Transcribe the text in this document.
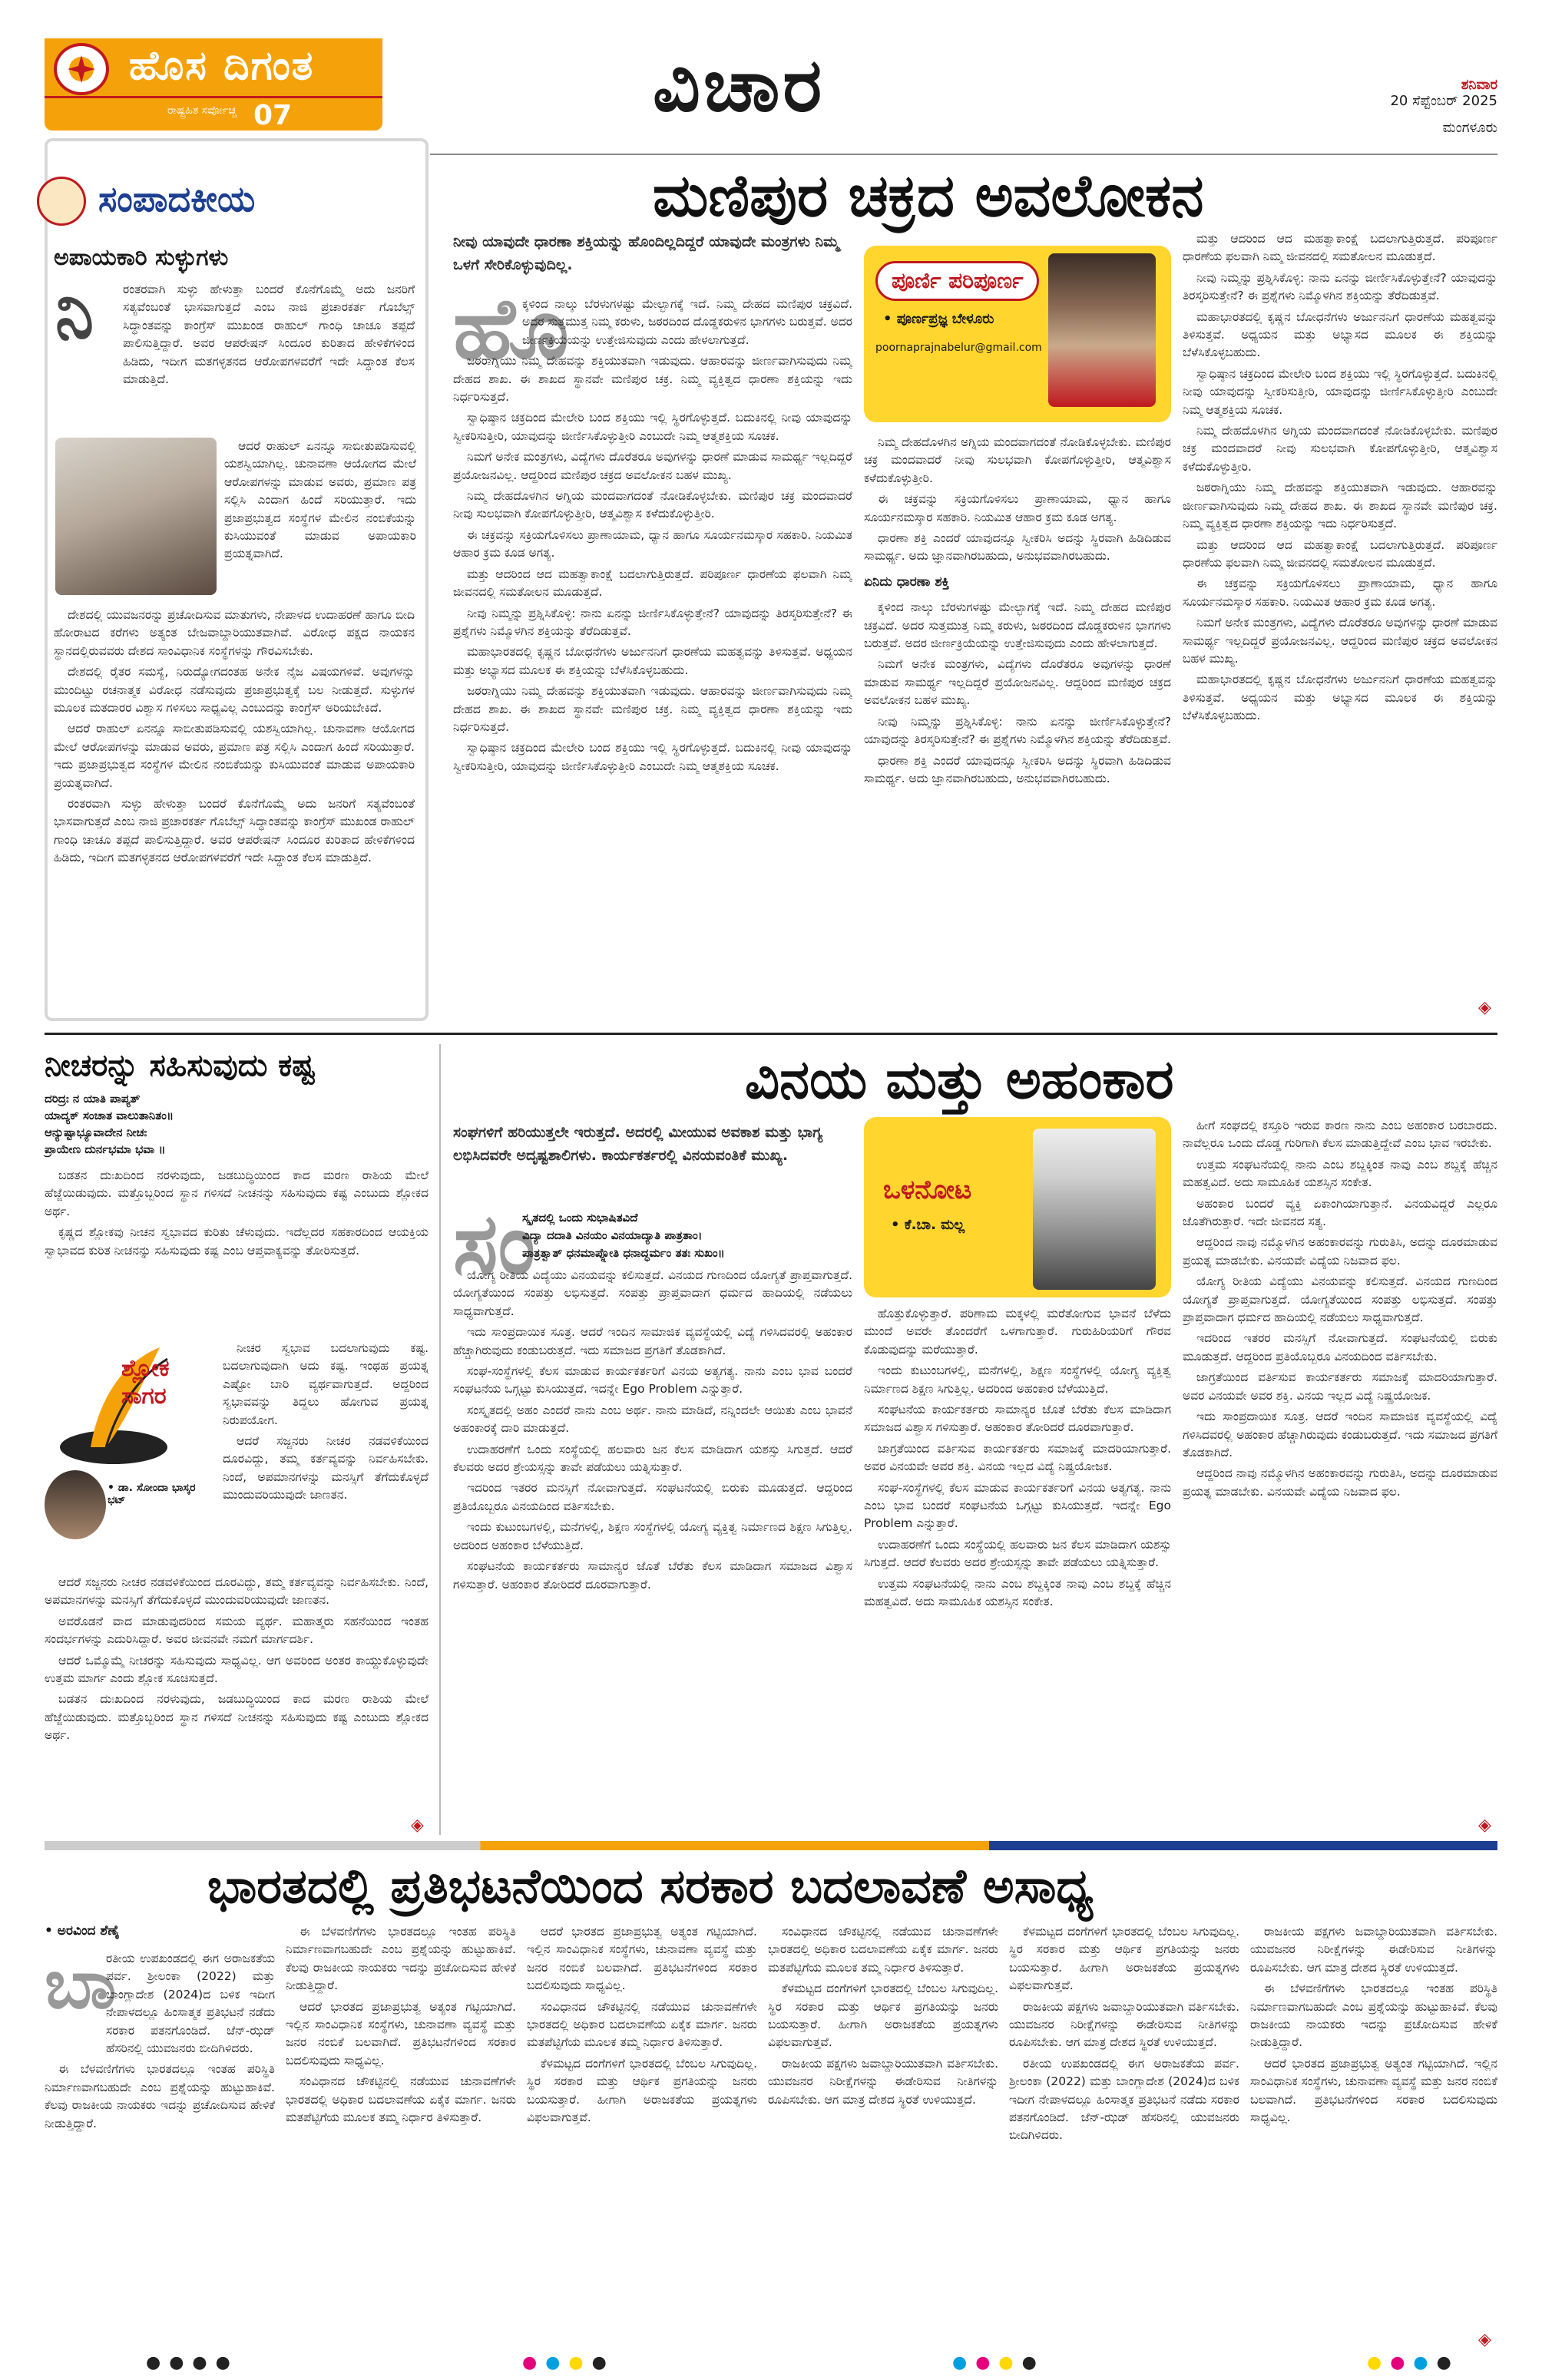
ಹೊಸ ದಿಗಂತ
ರಾಷ್ಟ್ರಹಿತ ಸರ್ವೋಚ್ಚ 07	ವಿಚಾರ	ಶನಿವಾರ
20 ಸೆಪ್ಟೆಂಬರ್ 2025
ಮಂಗಳೂರು
ಸಂಪಾದಕೀಯ
ಅಪಾಯಕಾರಿ ಸುಳ್ಳುಗಳು
ನಿ ರಂತರವಾಗಿ ಸುಳ್ಳು ಹೇಳುತ್ತಾ ಬಂದರೆ ಕೊನೆಗೊಮ್ಮೆ ಅದು ಜನರಿಗೆ ಸತ್ಯವೆಂಬಂತೆ ಭಾಸವಾಗುತ್ತದೆ ಎಂಬ ನಾಜಿ ಪ್ರಚಾರಕರ್ತ ಗೊಬೆಲ್ಸ್ ಸಿದ್ಧಾಂತವನ್ನು ಕಾಂಗ್ರೆಸ್ ಮುಖಂಡ ರಾಹುಲ್ ಗಾಂಧಿ ಚಾಚೂ ತಪ್ಪದೆ ಪಾಲಿಸುತ್ತಿದ್ದಾರೆ. ಅವರ ಆಪರೇಷನ್ ಸಿಂದೂರ ಕುರಿತಾದ ಹೇಳಿಕೆಗಳಿಂದ ಹಿಡಿದು, ಇದೀಗ ಮತಗಳ್ಳತನದ ಆರೋಪಗಳವರೆಗೆ ಇದೇ ಸಿದ್ಧಾಂತ ಕೆಲಸ ಮಾಡುತ್ತಿದೆ.

ಆದರೆ ರಾಹುಲ್ ಏನನ್ನೂ ಸಾಬೀತುಪಡಿಸುವಲ್ಲಿ ಯಶಸ್ವಿಯಾಗಿಲ್ಲ. ಚುನಾವಣಾ ಆಯೋಗದ ಮೇಲೆ ಆರೋಪಗಳನ್ನು ಮಾಡುವ ಅವರು, ಪ್ರಮಾಣ ಪತ್ರ ಸಲ್ಲಿಸಿ ಎಂದಾಗ ಹಿಂದೆ ಸರಿಯುತ್ತಾರೆ. ಇದು ಪ್ರಜಾಪ್ರಭುತ್ವದ ಸಂಸ್ಥೆಗಳ ಮೇಲಿನ ನಂಬಿಕೆಯನ್ನು ಕುಸಿಯುವಂತೆ ಮಾಡುವ ಅಪಾಯಕಾರಿ ಪ್ರಯತ್ನವಾಗಿದೆ.

ದೇಶದಲ್ಲಿ ಯುವಜನರನ್ನು ಪ್ರಚೋದಿಸುವ ಮಾತುಗಳು, ನೇಪಾಳದ ಉದಾಹರಣೆ ಹಾಗೂ ಬೀದಿ ಹೋರಾಟದ ಕರೆಗಳು ಅತ್ಯಂತ ಬೇಜವಾಬ್ದಾರಿಯುತವಾಗಿವೆ. ವಿರೋಧ ಪಕ್ಷದ ನಾಯಕನ ಸ್ಥಾನದಲ್ಲಿರುವವರು ದೇಶದ ಸಾಂವಿಧಾನಿಕ ಸಂಸ್ಥೆಗಳನ್ನು ಗೌರವಿಸಬೇಕು.

ದೇಶದಲ್ಲಿ ರೈತರ ಸಮಸ್ಯೆ, ನಿರುದ್ಯೋಗದಂತಹ ಅನೇಕ ನೈಜ ವಿಷಯಗಳಿವೆ. ಅವುಗಳನ್ನು ಮುಂದಿಟ್ಟು ರಚನಾತ್ಮಕ ವಿರೋಧ ನಡೆಸುವುದು ಪ್ರಜಾಪ್ರಭುತ್ವಕ್ಕೆ ಬಲ ನೀಡುತ್ತದೆ. ಸುಳ್ಳುಗಳ ಮೂಲಕ ಮತದಾರರ ವಿಶ್ವಾಸ ಗಳಿಸಲು ಸಾಧ್ಯವಿಲ್ಲ ಎಂಬುದನ್ನು ಕಾಂಗ್ರೆಸ್ ಅರಿಯಬೇಕಿದೆ.

ಆದರೆ ರಾಹುಲ್ ಏನನ್ನೂ ಸಾಬೀತುಪಡಿಸುವಲ್ಲಿ ಯಶಸ್ವಿಯಾಗಿಲ್ಲ. ಚುನಾವಣಾ ಆಯೋಗದ ಮೇಲೆ ಆರೋಪಗಳನ್ನು ಮಾಡುವ ಅವರು, ಪ್ರಮಾಣ ಪತ್ರ ಸಲ್ಲಿಸಿ ಎಂದಾಗ ಹಿಂದೆ ಸರಿಯುತ್ತಾರೆ. ಇದು ಪ್ರಜಾಪ್ರಭುತ್ವದ ಸಂಸ್ಥೆಗಳ ಮೇಲಿನ ನಂಬಿಕೆಯನ್ನು ಕುಸಿಯುವಂತೆ ಮಾಡುವ ಅಪಾಯಕಾರಿ ಪ್ರಯತ್ನವಾಗಿದೆ.

ರಂತರವಾಗಿ ಸುಳ್ಳು ಹೇಳುತ್ತಾ ಬಂದರೆ ಕೊನೆಗೊಮ್ಮೆ ಅದು ಜನರಿಗೆ ಸತ್ಯವೆಂಬಂತೆ ಭಾಸವಾಗುತ್ತದೆ ಎಂಬ ನಾಜಿ ಪ್ರಚಾರಕರ್ತ ಗೊಬೆಲ್ಸ್ ಸಿದ್ಧಾಂತವನ್ನು ಕಾಂಗ್ರೆಸ್ ಮುಖಂಡ ರಾಹುಲ್ ಗಾಂಧಿ ಚಾಚೂ ತಪ್ಪದೆ ಪಾಲಿಸುತ್ತಿದ್ದಾರೆ. ಅವರ ಆಪರೇಷನ್ ಸಿಂದೂರ ಕುರಿತಾದ ಹೇಳಿಕೆಗಳಿಂದ ಹಿಡಿದು, ಇದೀಗ ಮತಗಳ್ಳತನದ ಆರೋಪಗಳವರೆಗೆ ಇದೇ ಸಿದ್ಧಾಂತ ಕೆಲಸ ಮಾಡುತ್ತಿದೆ.

ಮಣಿಪುರ ಚಕ್ರದ ಅವಲೋಕನ
ನೀವು ಯಾವುದೇ ಧಾರಣಾ ಶಕ್ತಿಯನ್ನು ಹೊಂದಿಲ್ಲದಿದ್ದರೆ ಯಾವುದೇ ಮಂತ್ರಗಳು ನಿಮ್ಮ ಒಳಗೆ ಸೇರಿಕೊಳ್ಳುವುದಿಲ್ಲ.
ಹೊ

ಕ್ಕಳಿಂದ ನಾಲ್ಕು ಬೆರಳುಗಳಷ್ಟು ಮೇಲ್ಭಾಗಕ್ಕೆ ಇದೆ. ನಿಮ್ಮ ದೇಹದ ಮಣಿಪುರ ಚಕ್ರವಿದೆ. ಅದರ ಸುತ್ತಮುತ್ತ ನಿಮ್ಮ ಕರುಳು, ಜಠರದಿಂದ ದೊಡ್ಡಕರುಳಿನ ಭಾಗಗಳು ಬರುತ್ತವೆ. ಅದರ ಜೀರ್ಣಕ್ರಿಯೆಯನ್ನು ಉತ್ತೇಜಿಸುವುದು ಎಂದು ಹೇಳಲಾಗುತ್ತದೆ.

ಜಠರಾಗ್ನಿಯು ನಿಮ್ಮ ದೇಹವನ್ನು ಶಕ್ತಿಯುತವಾಗಿ ಇಡುವುದು. ಆಹಾರವನ್ನು ಜೀರ್ಣವಾಗಿಸುವುದು ನಿಮ್ಮ ದೇಹದ ಶಾಖ. ಈ ಶಾಖದ ಸ್ಥಾನವೇ ಮಣಿಪುರ ಚಕ್ರ. ನಿಮ್ಮ ವ್ಯಕ್ತಿತ್ವದ ಧಾರಣಾ ಶಕ್ತಿಯನ್ನು ಇದು ನಿರ್ಧರಿಸುತ್ತದೆ.

ಸ್ವಾಧಿಷ್ಠಾನ ಚಕ್ರದಿಂದ ಮೇಲೇರಿ ಬಂದ ಶಕ್ತಿಯು ಇಲ್ಲಿ ಸ್ಥಿರಗೊಳ್ಳುತ್ತದೆ. ಬದುಕಿನಲ್ಲಿ ನೀವು ಯಾವುದನ್ನು ಸ್ವೀಕರಿಸುತ್ತೀರಿ, ಯಾವುದನ್ನು ಜೀರ್ಣಿಸಿಕೊಳ್ಳುತ್ತೀರಿ ಎಂಬುದೇ ನಿಮ್ಮ ಆತ್ಮಶಕ್ತಿಯ ಸೂಚಕ.

ನಿಮಗೆ ಅನೇಕ ಮಂತ್ರಗಳು, ವಿದ್ಯೆಗಳು ದೊರೆತರೂ ಅವುಗಳನ್ನು ಧಾರಣೆ ಮಾಡುವ ಸಾಮರ್ಥ್ಯ ಇಲ್ಲದಿದ್ದರೆ ಪ್ರಯೋಜನವಿಲ್ಲ. ಆದ್ದರಿಂದ ಮಣಿಪುರ ಚಕ್ರದ ಅವಲೋಕನ ಬಹಳ ಮುಖ್ಯ.

ನಿಮ್ಮ ದೇಹದೊಳಗಿನ ಅಗ್ನಿಯ ಮಂದವಾಗದಂತೆ ನೋಡಿಕೊಳ್ಳಬೇಕು. ಮಣಿಪುರ ಚಕ್ರ ಮಂದವಾದರೆ ನೀವು ಸುಲಭವಾಗಿ ಕೋಪಗೊಳ್ಳುತ್ತೀರಿ, ಆತ್ಮವಿಶ್ವಾಸ ಕಳೆದುಕೊಳ್ಳುತ್ತೀರಿ.

ಈ ಚಕ್ರವನ್ನು ಸಕ್ರಿಯಗೊಳಿಸಲು ಪ್ರಾಣಾಯಾಮ, ಧ್ಯಾನ ಹಾಗೂ ಸೂರ್ಯನಮಸ್ಕಾರ ಸಹಕಾರಿ. ನಿಯಮಿತ ಆಹಾರ ಕ್ರಮ ಕೂಡ ಅಗತ್ಯ.

ಮತ್ತು ಆದರಿಂದ ಆದ ಮಹತ್ವಾಕಾಂಕ್ಷೆ ಬದಲಾಗುತ್ತಿರುತ್ತದೆ. ಪರಿಪೂರ್ಣ ಧಾರಣೆಯ ಫಲವಾಗಿ ನಿಮ್ಮ ಜೀವನದಲ್ಲಿ ಸಮತೋಲನ ಮೂಡುತ್ತದೆ.

ನೀವು ನಿಮ್ಮನ್ನು ಪ್ರಶ್ನಿಸಿಕೊಳ್ಳಿ: ನಾನು ಏನನ್ನು ಜೀರ್ಣಿಸಿಕೊಳ್ಳುತ್ತೇನೆ? ಯಾವುದನ್ನು ತಿರಸ್ಕರಿಸುತ್ತೇನೆ? ಈ ಪ್ರಶ್ನೆಗಳು ನಿಮ್ಮೊಳಗಿನ ಶಕ್ತಿಯನ್ನು ತೆರೆದಿಡುತ್ತವೆ.

ಮಹಾಭಾರತದಲ್ಲಿ ಕೃಷ್ಣನ ಬೋಧನೆಗಳು ಅರ್ಜುನನಿಗೆ ಧಾರಣೆಯ ಮಹತ್ವವನ್ನು ತಿಳಿಸುತ್ತವೆ. ಅಧ್ಯಯನ ಮತ್ತು ಅಭ್ಯಾಸದ ಮೂಲಕ ಈ ಶಕ್ತಿಯನ್ನು ಬೆಳೆಸಿಕೊಳ್ಳಬಹುದು.

ಜಠರಾಗ್ನಿಯು ನಿಮ್ಮ ದೇಹವನ್ನು ಶಕ್ತಿಯುತವಾಗಿ ಇಡುವುದು. ಆಹಾರವನ್ನು ಜೀರ್ಣವಾಗಿಸುವುದು ನಿಮ್ಮ ದೇಹದ ಶಾಖ. ಈ ಶಾಖದ ಸ್ಥಾನವೇ ಮಣಿಪುರ ಚಕ್ರ. ನಿಮ್ಮ ವ್ಯಕ್ತಿತ್ವದ ಧಾರಣಾ ಶಕ್ತಿಯನ್ನು ಇದು ನಿರ್ಧರಿಸುತ್ತದೆ.

ಸ್ವಾಧಿಷ್ಠಾನ ಚಕ್ರದಿಂದ ಮೇಲೇರಿ ಬಂದ ಶಕ್ತಿಯು ಇಲ್ಲಿ ಸ್ಥಿರಗೊಳ್ಳುತ್ತದೆ. ಬದುಕಿನಲ್ಲಿ ನೀವು ಯಾವುದನ್ನು ಸ್ವೀಕರಿಸುತ್ತೀರಿ, ಯಾವುದನ್ನು ಜೀರ್ಣಿಸಿಕೊಳ್ಳುತ್ತೀರಿ ಎಂಬುದೇ ನಿಮ್ಮ ಆತ್ಮಶಕ್ತಿಯ ಸೂಚಕ.

ಪೂರ್ಣಿ ಪರಿಪೂರ್ಣ
• ಪೂರ್ಣಪ್ರಜ್ಞ ಬೇಳೂರು
poornaprajnabelur@gmail.com

ನಿಮ್ಮ ದೇಹದೊಳಗಿನ ಅಗ್ನಿಯ ಮಂದವಾಗದಂತೆ ನೋಡಿಕೊಳ್ಳಬೇಕು. ಮಣಿಪುರ ಚಕ್ರ ಮಂದವಾದರೆ ನೀವು ಸುಲಭವಾಗಿ ಕೋಪಗೊಳ್ಳುತ್ತೀರಿ, ಆತ್ಮವಿಶ್ವಾಸ ಕಳೆದುಕೊಳ್ಳುತ್ತೀರಿ.

ಈ ಚಕ್ರವನ್ನು ಸಕ್ರಿಯಗೊಳಿಸಲು ಪ್ರಾಣಾಯಾಮ, ಧ್ಯಾನ ಹಾಗೂ ಸೂರ್ಯನಮಸ್ಕಾರ ಸಹಕಾರಿ. ನಿಯಮಿತ ಆಹಾರ ಕ್ರಮ ಕೂಡ ಅಗತ್ಯ.

ಧಾರಣಾ ಶಕ್ತಿ ಎಂದರೆ ಯಾವುದನ್ನೂ ಸ್ವೀಕರಿಸಿ ಅದನ್ನು ಸ್ಥಿರವಾಗಿ ಹಿಡಿದಿಡುವ ಸಾಮರ್ಥ್ಯ. ಅದು ಜ್ಞಾನವಾಗಿರಬಹುದು, ಅನುಭವವಾಗಿರಬಹುದು.

ಏನಿದು ಧಾರಣಾ ಶಕ್ತಿ

ಕ್ಕಳಿಂದ ನಾಲ್ಕು ಬೆರಳುಗಳಷ್ಟು ಮೇಲ್ಭಾಗಕ್ಕೆ ಇದೆ. ನಿಮ್ಮ ದೇಹದ ಮಣಿಪುರ ಚಕ್ರವಿದೆ. ಅದರ ಸುತ್ತಮುತ್ತ ನಿಮ್ಮ ಕರುಳು, ಜಠರದಿಂದ ದೊಡ್ಡಕರುಳಿನ ಭಾಗಗಳು ಬರುತ್ತವೆ. ಅದರ ಜೀರ್ಣಕ್ರಿಯೆಯನ್ನು ಉತ್ತೇಜಿಸುವುದು ಎಂದು ಹೇಳಲಾಗುತ್ತದೆ.

ನಿಮಗೆ ಅನೇಕ ಮಂತ್ರಗಳು, ವಿದ್ಯೆಗಳು ದೊರೆತರೂ ಅವುಗಳನ್ನು ಧಾರಣೆ ಮಾಡುವ ಸಾಮರ್ಥ್ಯ ಇಲ್ಲದಿದ್ದರೆ ಪ್ರಯೋಜನವಿಲ್ಲ. ಆದ್ದರಿಂದ ಮಣಿಪುರ ಚಕ್ರದ ಅವಲೋಕನ ಬಹಳ ಮುಖ್ಯ.

ನೀವು ನಿಮ್ಮನ್ನು ಪ್ರಶ್ನಿಸಿಕೊಳ್ಳಿ: ನಾನು ಏನನ್ನು ಜೀರ್ಣಿಸಿಕೊಳ್ಳುತ್ತೇನೆ? ಯಾವುದನ್ನು ತಿರಸ್ಕರಿಸುತ್ತೇನೆ? ಈ ಪ್ರಶ್ನೆಗಳು ನಿಮ್ಮೊಳಗಿನ ಶಕ್ತಿಯನ್ನು ತೆರೆದಿಡುತ್ತವೆ.

ಧಾರಣಾ ಶಕ್ತಿ ಎಂದರೆ ಯಾವುದನ್ನೂ ಸ್ವೀಕರಿಸಿ ಅದನ್ನು ಸ್ಥಿರವಾಗಿ ಹಿಡಿದಿಡುವ ಸಾಮರ್ಥ್ಯ. ಅದು ಜ್ಞಾನವಾಗಿರಬಹುದು, ಅನುಭವವಾಗಿರಬಹುದು.

ಮತ್ತು ಆದರಿಂದ ಆದ ಮಹತ್ವಾಕಾಂಕ್ಷೆ ಬದಲಾಗುತ್ತಿರುತ್ತದೆ. ಪರಿಪೂರ್ಣ ಧಾರಣೆಯ ಫಲವಾಗಿ ನಿಮ್ಮ ಜೀವನದಲ್ಲಿ ಸಮತೋಲನ ಮೂಡುತ್ತದೆ.

ನೀವು ನಿಮ್ಮನ್ನು ಪ್ರಶ್ನಿಸಿಕೊಳ್ಳಿ: ನಾನು ಏನನ್ನು ಜೀರ್ಣಿಸಿಕೊಳ್ಳುತ್ತೇನೆ? ಯಾವುದನ್ನು ತಿರಸ್ಕರಿಸುತ್ತೇನೆ? ಈ ಪ್ರಶ್ನೆಗಳು ನಿಮ್ಮೊಳಗಿನ ಶಕ್ತಿಯನ್ನು ತೆರೆದಿಡುತ್ತವೆ.

ಮಹಾಭಾರತದಲ್ಲಿ ಕೃಷ್ಣನ ಬೋಧನೆಗಳು ಅರ್ಜುನನಿಗೆ ಧಾರಣೆಯ ಮಹತ್ವವನ್ನು ತಿಳಿಸುತ್ತವೆ. ಅಧ್ಯಯನ ಮತ್ತು ಅಭ್ಯಾಸದ ಮೂಲಕ ಈ ಶಕ್ತಿಯನ್ನು ಬೆಳೆಸಿಕೊಳ್ಳಬಹುದು.

ಸ್ವಾಧಿಷ್ಠಾನ ಚಕ್ರದಿಂದ ಮೇಲೇರಿ ಬಂದ ಶಕ್ತಿಯು ಇಲ್ಲಿ ಸ್ಥಿರಗೊಳ್ಳುತ್ತದೆ. ಬದುಕಿನಲ್ಲಿ ನೀವು ಯಾವುದನ್ನು ಸ್ವೀಕರಿಸುತ್ತೀರಿ, ಯಾವುದನ್ನು ಜೀರ್ಣಿಸಿಕೊಳ್ಳುತ್ತೀರಿ ಎಂಬುದೇ ನಿಮ್ಮ ಆತ್ಮಶಕ್ತಿಯ ಸೂಚಕ.

ನಿಮ್ಮ ದೇಹದೊಳಗಿನ ಅಗ್ನಿಯ ಮಂದವಾಗದಂತೆ ನೋಡಿಕೊಳ್ಳಬೇಕು. ಮಣಿಪುರ ಚಕ್ರ ಮಂದವಾದರೆ ನೀವು ಸುಲಭವಾಗಿ ಕೋಪಗೊಳ್ಳುತ್ತೀರಿ, ಆತ್ಮವಿಶ್ವಾಸ ಕಳೆದುಕೊಳ್ಳುತ್ತೀರಿ.

ಜಠರಾಗ್ನಿಯು ನಿಮ್ಮ ದೇಹವನ್ನು ಶಕ್ತಿಯುತವಾಗಿ ಇಡುವುದು. ಆಹಾರವನ್ನು ಜೀರ್ಣವಾಗಿಸುವುದು ನಿಮ್ಮ ದೇಹದ ಶಾಖ. ಈ ಶಾಖದ ಸ್ಥಾನವೇ ಮಣಿಪುರ ಚಕ್ರ. ನಿಮ್ಮ ವ್ಯಕ್ತಿತ್ವದ ಧಾರಣಾ ಶಕ್ತಿಯನ್ನು ಇದು ನಿರ್ಧರಿಸುತ್ತದೆ.

ಮತ್ತು ಆದರಿಂದ ಆದ ಮಹತ್ವಾಕಾಂಕ್ಷೆ ಬದಲಾಗುತ್ತಿರುತ್ತದೆ. ಪರಿಪೂರ್ಣ ಧಾರಣೆಯ ಫಲವಾಗಿ ನಿಮ್ಮ ಜೀವನದಲ್ಲಿ ಸಮತೋಲನ ಮೂಡುತ್ತದೆ.

ಈ ಚಕ್ರವನ್ನು ಸಕ್ರಿಯಗೊಳಿಸಲು ಪ್ರಾಣಾಯಾಮ, ಧ್ಯಾನ ಹಾಗೂ ಸೂರ್ಯನಮಸ್ಕಾರ ಸಹಕಾರಿ. ನಿಯಮಿತ ಆಹಾರ ಕ್ರಮ ಕೂಡ ಅಗತ್ಯ.

ನಿಮಗೆ ಅನೇಕ ಮಂತ್ರಗಳು, ವಿದ್ಯೆಗಳು ದೊರೆತರೂ ಅವುಗಳನ್ನು ಧಾರಣೆ ಮಾಡುವ ಸಾಮರ್ಥ್ಯ ಇಲ್ಲದಿದ್ದರೆ ಪ್ರಯೋಜನವಿಲ್ಲ. ಆದ್ದರಿಂದ ಮಣಿಪುರ ಚಕ್ರದ ಅವಲೋಕನ ಬಹಳ ಮುಖ್ಯ.

ಮಹಾಭಾರತದಲ್ಲಿ ಕೃಷ್ಣನ ಬೋಧನೆಗಳು ಅರ್ಜುನನಿಗೆ ಧಾರಣೆಯ ಮಹತ್ವವನ್ನು ತಿಳಿಸುತ್ತವೆ. ಅಧ್ಯಯನ ಮತ್ತು ಅಭ್ಯಾಸದ ಮೂಲಕ ಈ ಶಕ್ತಿಯನ್ನು ಬೆಳೆಸಿಕೊಳ್ಳಬಹುದು.

◈
ನೀಚರನ್ನು ಸಹಿಸುವುದು ಕಷ್ಟ
ದರಿದ್ರಃ ನ ಯಾತಿ ಪಾಪ್ಯತ್
ಯಾದ್ಯಕ್ ಸಂಚಾತ ವಾಲುತಾನಿತಂ॥
ಆನ್ಯುಷ್ಟಾಭ್ಯೂವಾದೇನ ನೀಚಃ
ಪ್ರಾಯೇಣ ದುರ್ನಭಮಾ ಭವಾ ॥

ಬಡತನ ದುಃಖದಿಂದ ನರಳುವುದು, ಜಡಬುದ್ಧಿಯಿಂದ ಕಾದ ಮರಣ ರಾಶಿಯ ಮೇಲೆ ಹೆಜ್ಜೆಯಿಡುವುದು. ಮತ್ತೊಬ್ಬರಿಂದ ಸ್ಥಾನ ಗಳಿಸದೆ ನೀಚನನ್ನು ಸಹಿಸುವುದು ಕಷ್ಟ ಎಂಬುದು ಶ್ಲೋಕದ ಅರ್ಥ.

ಕೃಷ್ಣದ ಶ್ಲೋಕವು ನೀಚನ ಸ್ವಭಾವದ ಕುರಿತು ಚೆಳುವುದು. ಇದೆಲ್ಲದರ ಸಹಕಾರದಿಂದ ಆಯಕ್ತಿಯ ಸ್ವಾಭಾವದ ಕುರಿತ ನೀಚನನ್ನು ಸಹಿಸುವುದು ಕಷ್ಟ ಎಂಬ ಆಪ್ತವಾಕ್ಯವನ್ನು ತೋರಿಸುತ್ತದೆ.

ಶ್ಲೋಕ ಸಾಗರ
• ಡಾ. ಸೋಂದಾ ಭಾಸ್ಕರ ಭಟ್

ನೀಚರ ಸ್ವಭಾವ ಬದಲಾಗುವುದು ಕಷ್ಟ. ಬದಲಾಗುವುದಾಗಿ ಅದು ಕಷ್ಟ. ಇಂಥಹ ಪ್ರಯತ್ನ ಎಷ್ಟೋ ಬಾರಿ ವ್ಯರ್ಥವಾಗುತ್ತದೆ. ಅದ್ದರಿಂದ ಸ್ವಭಾವವನ್ನು ತಿದ್ದಲು ಹೋಗುವ ಪ್ರಯತ್ನ ನಿರುಪಯೋಗ.

ಆದರೆ ಸಜ್ಜನರು ನೀಚರ ನಡವಳಿಕೆಯಿಂದ ದೂರವಿದ್ದು, ತಮ್ಮ ಕರ್ತವ್ಯವನ್ನು ನಿರ್ವಹಿಸಬೇಕು. ನಿಂದೆ, ಅಪಮಾನಗಳನ್ನು ಮನಸ್ಸಿಗೆ ತೆಗೆದುಕೊಳ್ಳದೆ ಮುಂದುವರಿಯುವುದೇ ಜಾಣತನ.

ಆದರೆ ಸಜ್ಜನರು ನೀಚರ ನಡವಳಿಕೆಯಿಂದ ದೂರವಿದ್ದು, ತಮ್ಮ ಕರ್ತವ್ಯವನ್ನು ನಿರ್ವಹಿಸಬೇಕು. ನಿಂದೆ, ಅಪಮಾನಗಳನ್ನು ಮನಸ್ಸಿಗೆ ತೆಗೆದುಕೊಳ್ಳದೆ ಮುಂದುವರಿಯುವುದೇ ಜಾಣತನ.

ಅವರೊಡನೆ ವಾದ ಮಾಡುವುದರಿಂದ ಸಮಯ ವ್ಯರ್ಥ. ಮಹಾತ್ಮರು ಸಹನೆಯಿಂದ ಇಂತಹ ಸಂದರ್ಭಗಳನ್ನು ಎದುರಿಸಿದ್ದಾರೆ. ಅವರ ಜೀವನವೇ ನಮಗೆ ಮಾರ್ಗದರ್ಶಿ.

ಆದರೆ ಒಮ್ಮೊಮ್ಮೆ ನೀಚರನ್ನು ಸಹಿಸುವುದು ಸಾಧ್ಯವಿಲ್ಲ. ಆಗ ಅವರಿಂದ ಅಂತರ ಕಾಯ್ದುಕೊಳ್ಳುವುದೇ ಉತ್ತಮ ಮಾರ್ಗ ಎಂದು ಶ್ಲೋಕ ಸೂಚಿಸುತ್ತದೆ.

ಬಡತನ ದುಃಖದಿಂದ ನರಳುವುದು, ಜಡಬುದ್ಧಿಯಿಂದ ಕಾದ ಮರಣ ರಾಶಿಯ ಮೇಲೆ ಹೆಜ್ಜೆಯಿಡುವುದು. ಮತ್ತೊಬ್ಬರಿಂದ ಸ್ಥಾನ ಗಳಿಸದೆ ನೀಚನನ್ನು ಸಹಿಸುವುದು ಕಷ್ಟ ಎಂಬುದು ಶ್ಲೋಕದ ಅರ್ಥ.

◈
ವಿನಯ ಮತ್ತು ಅಹಂಕಾರ
ಸಂಘಗಳಿಗೆ ಹರಿಯುತ್ತಲೇ ಇರುತ್ತದೆ. ಅದರಲ್ಲಿ ಮೀಯುವ ಅವಕಾಶ ಮತ್ತು ಭಾಗ್ಯ ಲಭಿಸಿದವರೇ ಅದೃಷ್ಟಶಾಲಿಗಳು. ಕಾರ್ಯಕರ್ತರಲ್ಲಿ ವಿನಯವಂತಿಕೆ ಮುಖ್ಯ.
ಸಂ
ಸ್ಕೃತದಲ್ಲಿ ಒಂದು ಸುಭಾಷಿತವಿದೆ
ವಿದ್ಯಾ ದದಾತಿ ವಿನಯಂ ವಿನಯಾದ್ಯಾತಿ ಪಾತ್ರತಾಂ।
ಪಾತ್ರತ್ವಾತ್ ಧನಮಾಪ್ನೋತಿ ಧನಾದ್ಧರ್ಮಂ ತತಃ ಸುಖಂ॥

ಯೋಗ್ಯ ರೀತಿಯ ವಿದ್ಯೆಯು ವಿನಯವನ್ನು ಕಲಿಸುತ್ತದೆ. ವಿನಯದ ಗುಣದಿಂದ ಯೋಗ್ಯತೆ ಪ್ರಾಪ್ತವಾಗುತ್ತದೆ. ಯೋಗ್ಯತೆಯಿಂದ ಸಂಪತ್ತು ಲಭಿಸುತ್ತದೆ. ಸಂಪತ್ತು ಪ್ರಾಪ್ತವಾದಾಗ ಧರ್ಮದ ಹಾದಿಯಲ್ಲಿ ನಡೆಯಲು ಸಾಧ್ಯವಾಗುತ್ತದೆ.

ಇದು ಸಾಂಪ್ರದಾಯಿಕ ಸೂತ್ರ. ಆದರೆ ಇಂದಿನ ಸಾಮಾಜಿಕ ವ್ಯವಸ್ಥೆಯಲ್ಲಿ ವಿದ್ಯೆ ಗಳಿಸಿದವರಲ್ಲಿ ಅಹಂಕಾರ ಹೆಚ್ಚಾಗಿರುವುದು ಕಂಡುಬರುತ್ತದೆ. ಇದು ಸಮಾಜದ ಪ್ರಗತಿಗೆ ತೊಡಕಾಗಿದೆ.

ಸಂಘ-ಸಂಸ್ಥೆಗಳಲ್ಲಿ ಕೆಲಸ ಮಾಡುವ ಕಾರ್ಯಕರ್ತರಿಗೆ ವಿನಯ ಅತ್ಯಗತ್ಯ. ನಾನು ಎಂಬ ಭಾವ ಬಂದರೆ ಸಂಘಟನೆಯ ಒಗ್ಗಟ್ಟು ಕುಸಿಯುತ್ತದೆ. ಇದನ್ನೇ Ego Problem ಎನ್ನುತ್ತಾರೆ.

ಸಂಸ್ಕೃತದಲ್ಲಿ ಅಹಂ ಎಂದರೆ ನಾನು ಎಂಬ ಅರ್ಥ. ನಾನು ಮಾಡಿದೆ, ನನ್ನಿಂದಲೇ ಆಯಿತು ಎಂಬ ಭಾವನೆ ಅಹಂಕಾರಕ್ಕೆ ದಾರಿ ಮಾಡುತ್ತದೆ.

ಉದಾಹರಣೆಗೆ ಒಂದು ಸಂಸ್ಥೆಯಲ್ಲಿ ಹಲವಾರು ಜನ ಕೆಲಸ ಮಾಡಿದಾಗ ಯಶಸ್ಸು ಸಿಗುತ್ತದೆ. ಆದರೆ ಕೆಲವರು ಅದರ ಶ್ರೇಯಸ್ಸನ್ನು ತಾವೇ ಪಡೆಯಲು ಯತ್ನಿಸುತ್ತಾರೆ.

ಇದರಿಂದ ಇತರರ ಮನಸ್ಸಿಗೆ ನೋವಾಗುತ್ತದೆ. ಸಂಘಟನೆಯಲ್ಲಿ ಬಿರುಕು ಮೂಡುತ್ತದೆ. ಆದ್ದರಿಂದ ಪ್ರತಿಯೊಬ್ಬರೂ ವಿನಯದಿಂದ ವರ್ತಿಸಬೇಕು.

ಇಂದು ಕುಟುಂಬಗಳಲ್ಲಿ, ಮನೆಗಳಲ್ಲಿ, ಶಿಕ್ಷಣ ಸಂಸ್ಥೆಗಳಲ್ಲಿ ಯೋಗ್ಯ ವ್ಯಕ್ತಿತ್ವ ನಿರ್ಮಾಣದ ಶಿಕ್ಷಣ ಸಿಗುತ್ತಿಲ್ಲ. ಅದರಿಂದ ಅಹಂಕಾರ ಬೆಳೆಯುತ್ತಿದೆ.

ಸಂಘಟನೆಯ ಕಾರ್ಯಕರ್ತರು ಸಾಮಾನ್ಯರ ಜೊತೆ ಬೆರೆತು ಕೆಲಸ ಮಾಡಿದಾಗ ಸಮಾಜದ ವಿಶ್ವಾಸ ಗಳಿಸುತ್ತಾರೆ. ಅಹಂಕಾರ ತೋರಿದರೆ ದೂರವಾಗುತ್ತಾರೆ.

ಒಳನೋಟ
• ಕೆ.ಬಾ. ಮಲ್ಲ

ಹೊತ್ತುಕೊಳ್ಳುತ್ತಾರೆ. ಪರಿಣಾಮ ಮಕ್ಕಳಲ್ಲಿ ಮರೆತೋಗುವ ಭಾವನೆ ಬೆಳೆದು ಮುಂದೆ ಅವರೇ ತೊಂದರೆಗೆ ಒಳಗಾಗುತ್ತಾರೆ. ಗುರುಹಿರಿಯರಿಗೆ ಗೌರವ ಕೊಡುವುದನ್ನು ಮರೆಯುತ್ತಾರೆ.

ಇಂದು ಕುಟುಂಬಗಳಲ್ಲಿ, ಮನೆಗಳಲ್ಲಿ, ಶಿಕ್ಷಣ ಸಂಸ್ಥೆಗಳಲ್ಲಿ ಯೋಗ್ಯ ವ್ಯಕ್ತಿತ್ವ ನಿರ್ಮಾಣದ ಶಿಕ್ಷಣ ಸಿಗುತ್ತಿಲ್ಲ. ಅದರಿಂದ ಅಹಂಕಾರ ಬೆಳೆಯುತ್ತಿದೆ.

ಸಂಘಟನೆಯ ಕಾರ್ಯಕರ್ತರು ಸಾಮಾನ್ಯರ ಜೊತೆ ಬೆರೆತು ಕೆಲಸ ಮಾಡಿದಾಗ ಸಮಾಜದ ವಿಶ್ವಾಸ ಗಳಿಸುತ್ತಾರೆ. ಅಹಂಕಾರ ತೋರಿದರೆ ದೂರವಾಗುತ್ತಾರೆ.

ಜಾಗ್ರತೆಯಿಂದ ವರ್ತಿಸುವ ಕಾರ್ಯಕರ್ತರು ಸಮಾಜಕ್ಕೆ ಮಾದರಿಯಾಗುತ್ತಾರೆ. ಅವರ ವಿನಯವೇ ಅವರ ಶಕ್ತಿ. ವಿನಯ ಇಲ್ಲದ ವಿದ್ಯೆ ನಿಷ್ಪ್ರಯೋಜಕ.

ಸಂಘ-ಸಂಸ್ಥೆಗಳಲ್ಲಿ ಕೆಲಸ ಮಾಡುವ ಕಾರ್ಯಕರ್ತರಿಗೆ ವಿನಯ ಅತ್ಯಗತ್ಯ. ನಾನು ಎಂಬ ಭಾವ ಬಂದರೆ ಸಂಘಟನೆಯ ಒಗ್ಗಟ್ಟು ಕುಸಿಯುತ್ತದೆ. ಇದನ್ನೇ Ego Problem ಎನ್ನುತ್ತಾರೆ.

ಉದಾಹರಣೆಗೆ ಒಂದು ಸಂಸ್ಥೆಯಲ್ಲಿ ಹಲವಾರು ಜನ ಕೆಲಸ ಮಾಡಿದಾಗ ಯಶಸ್ಸು ಸಿಗುತ್ತದೆ. ಆದರೆ ಕೆಲವರು ಅದರ ಶ್ರೇಯಸ್ಸನ್ನು ತಾವೇ ಪಡೆಯಲು ಯತ್ನಿಸುತ್ತಾರೆ.

ಉತ್ತಮ ಸಂಘಟನೆಯಲ್ಲಿ ನಾನು ಎಂಬ ಶಬ್ದಕ್ಕಿಂತ ನಾವು ಎಂಬ ಶಬ್ದಕ್ಕೆ ಹೆಚ್ಚಿನ ಮಹತ್ವವಿದೆ. ಅದು ಸಾಮೂಹಿಕ ಯಶಸ್ಸಿನ ಸಂಕೇತ.

ಹೀಗೆ ಸಂಘದಲ್ಲಿ ಕಸ್ತೂರಿ ಇರುವ ಕಾರಣ ನಾನು ಎಂಬ ಅಹಂಕಾರ ಬರಬಾರದು. ನಾವೆಲ್ಲರೂ ಒಂದು ದೊಡ್ಡ ಗುರಿಗಾಗಿ ಕೆಲಸ ಮಾಡುತ್ತಿದ್ದೇವೆ ಎಂಬ ಭಾವ ಇರಬೇಕು.

ಉತ್ತಮ ಸಂಘಟನೆಯಲ್ಲಿ ನಾನು ಎಂಬ ಶಬ್ದಕ್ಕಿಂತ ನಾವು ಎಂಬ ಶಬ್ದಕ್ಕೆ ಹೆಚ್ಚಿನ ಮಹತ್ವವಿದೆ. ಅದು ಸಾಮೂಹಿಕ ಯಶಸ್ಸಿನ ಸಂಕೇತ.

ಅಹಂಕಾರ ಬಂದರೆ ವ್ಯಕ್ತಿ ಏಕಾಂಗಿಯಾಗುತ್ತಾನೆ. ವಿನಯವಿದ್ದರೆ ಎಲ್ಲರೂ ಜೊತೆಗಿರುತ್ತಾರೆ. ಇದೇ ಜೀವನದ ಸತ್ಯ.

ಆದ್ದರಿಂದ ನಾವು ನಮ್ಮೊಳಗಿನ ಅಹಂಕಾರವನ್ನು ಗುರುತಿಸಿ, ಅದನ್ನು ದೂರಮಾಡುವ ಪ್ರಯತ್ನ ಮಾಡಬೇಕು. ವಿನಯವೇ ವಿದ್ಯೆಯ ನಿಜವಾದ ಫಲ.

ಯೋಗ್ಯ ರೀತಿಯ ವಿದ್ಯೆಯು ವಿನಯವನ್ನು ಕಲಿಸುತ್ತದೆ. ವಿನಯದ ಗುಣದಿಂದ ಯೋಗ್ಯತೆ ಪ್ರಾಪ್ತವಾಗುತ್ತದೆ. ಯೋಗ್ಯತೆಯಿಂದ ಸಂಪತ್ತು ಲಭಿಸುತ್ತದೆ. ಸಂಪತ್ತು ಪ್ರಾಪ್ತವಾದಾಗ ಧರ್ಮದ ಹಾದಿಯಲ್ಲಿ ನಡೆಯಲು ಸಾಧ್ಯವಾಗುತ್ತದೆ.

ಇದರಿಂದ ಇತರರ ಮನಸ್ಸಿಗೆ ನೋವಾಗುತ್ತದೆ. ಸಂಘಟನೆಯಲ್ಲಿ ಬಿರುಕು ಮೂಡುತ್ತದೆ. ಆದ್ದರಿಂದ ಪ್ರತಿಯೊಬ್ಬರೂ ವಿನಯದಿಂದ ವರ್ತಿಸಬೇಕು.

ಜಾಗ್ರತೆಯಿಂದ ವರ್ತಿಸುವ ಕಾರ್ಯಕರ್ತರು ಸಮಾಜಕ್ಕೆ ಮಾದರಿಯಾಗುತ್ತಾರೆ. ಅವರ ವಿನಯವೇ ಅವರ ಶಕ್ತಿ. ವಿನಯ ಇಲ್ಲದ ವಿದ್ಯೆ ನಿಷ್ಪ್ರಯೋಜಕ.

ಇದು ಸಾಂಪ್ರದಾಯಿಕ ಸೂತ್ರ. ಆದರೆ ಇಂದಿನ ಸಾಮಾಜಿಕ ವ್ಯವಸ್ಥೆಯಲ್ಲಿ ವಿದ್ಯೆ ಗಳಿಸಿದವರಲ್ಲಿ ಅಹಂಕಾರ ಹೆಚ್ಚಾಗಿರುವುದು ಕಂಡುಬರುತ್ತದೆ. ಇದು ಸಮಾಜದ ಪ್ರಗತಿಗೆ ತೊಡಕಾಗಿದೆ.

ಆದ್ದರಿಂದ ನಾವು ನಮ್ಮೊಳಗಿನ ಅಹಂಕಾರವನ್ನು ಗುರುತಿಸಿ, ಅದನ್ನು ದೂರಮಾಡುವ ಪ್ರಯತ್ನ ಮಾಡಬೇಕು. ವಿನಯವೇ ವಿದ್ಯೆಯ ನಿಜವಾದ ಫಲ.

◈
ಭಾರತದಲ್ಲಿ ಪ್ರತಿಭಟನೆಯಿಂದ ಸರಕಾರ ಬದಲಾವಣೆ ಅಸಾಧ್ಯ
• ಅರವಿಂದ ಶೆಣೈ
ಬಾ

ರತೀಯ ಉಪಖಂಡದಲ್ಲಿ ಈಗ ಅರಾಜಕತೆಯ ಪರ್ವ. ಶ್ರೀಲಂಕಾ (2022) ಮತ್ತು ಬಾಂಗ್ಲಾದೇಶ (2024)ದ ಬಳಿಕ ಇದೀಗ ನೇಪಾಳದಲ್ಲೂ ಹಿಂಸಾತ್ಮಕ ಪ್ರತಿಭಟನೆ ನಡೆದು ಸರಕಾರ ಪತನಗೊಂಡಿದೆ. ಜೆನ್-ಝಡ್ ಹೆಸರಿನಲ್ಲಿ ಯುವಜನರು ಬೀದಿಗಿಳಿದರು.

ಈ ಬೆಳವಣಿಗೆಗಳು ಭಾರತದಲ್ಲೂ ಇಂತಹ ಪರಿಸ್ಥಿತಿ ನಿರ್ಮಾಣವಾಗಬಹುದೇ ಎಂಬ ಪ್ರಶ್ನೆಯನ್ನು ಹುಟ್ಟುಹಾಕಿವೆ. ಕೆಲವು ರಾಜಕೀಯ ನಾಯಕರು ಇದನ್ನು ಪ್ರಚೋದಿಸುವ ಹೇಳಿಕೆ ನೀಡುತ್ತಿದ್ದಾರೆ.

ಈ ಬೆಳವಣಿಗೆಗಳು ಭಾರತದಲ್ಲೂ ಇಂತಹ ಪರಿಸ್ಥಿತಿ ನಿರ್ಮಾಣವಾಗಬಹುದೇ ಎಂಬ ಪ್ರಶ್ನೆಯನ್ನು ಹುಟ್ಟುಹಾಕಿವೆ. ಕೆಲವು ರಾಜಕೀಯ ನಾಯಕರು ಇದನ್ನು ಪ್ರಚೋದಿಸುವ ಹೇಳಿಕೆ ನೀಡುತ್ತಿದ್ದಾರೆ.

ಆದರೆ ಭಾರತದ ಪ್ರಜಾಪ್ರಭುತ್ವ ಅತ್ಯಂತ ಗಟ್ಟಿಯಾಗಿದೆ. ಇಲ್ಲಿನ ಸಾಂವಿಧಾನಿಕ ಸಂಸ್ಥೆಗಳು, ಚುನಾವಣಾ ವ್ಯವಸ್ಥೆ ಮತ್ತು ಜನರ ನಂಬಿಕೆ ಬಲವಾಗಿದೆ. ಪ್ರತಿಭಟನೆಗಳಿಂದ ಸರಕಾರ ಬದಲಿಸುವುದು ಸಾಧ್ಯವಿಲ್ಲ.

ಸಂವಿಧಾನದ ಚೌಕಟ್ಟಿನಲ್ಲಿ ನಡೆಯುವ ಚುನಾವಣೆಗಳೇ ಭಾರತದಲ್ಲಿ ಅಧಿಕಾರ ಬದಲಾವಣೆಯ ಏಕೈಕ ಮಾರ್ಗ. ಜನರು ಮತಪೆಟ್ಟಿಗೆಯ ಮೂಲಕ ತಮ್ಮ ನಿರ್ಧಾರ ತಿಳಿಸುತ್ತಾರೆ.

ಆದರೆ ಭಾರತದ ಪ್ರಜಾಪ್ರಭುತ್ವ ಅತ್ಯಂತ ಗಟ್ಟಿಯಾಗಿದೆ. ಇಲ್ಲಿನ ಸಾಂವಿಧಾನಿಕ ಸಂಸ್ಥೆಗಳು, ಚುನಾವಣಾ ವ್ಯವಸ್ಥೆ ಮತ್ತು ಜನರ ನಂಬಿಕೆ ಬಲವಾಗಿದೆ. ಪ್ರತಿಭಟನೆಗಳಿಂದ ಸರಕಾರ ಬದಲಿಸುವುದು ಸಾಧ್ಯವಿಲ್ಲ.

ಸಂವಿಧಾನದ ಚೌಕಟ್ಟಿನಲ್ಲಿ ನಡೆಯುವ ಚುನಾವಣೆಗಳೇ ಭಾರತದಲ್ಲಿ ಅಧಿಕಾರ ಬದಲಾವಣೆಯ ಏಕೈಕ ಮಾರ್ಗ. ಜನರು ಮತಪೆಟ್ಟಿಗೆಯ ಮೂಲಕ ತಮ್ಮ ನಿರ್ಧಾರ ತಿಳಿಸುತ್ತಾರೆ.

ಕೆಳಮಟ್ಟದ ದಂಗೆಗಳಿಗೆ ಭಾರತದಲ್ಲಿ ಬೆಂಬಲ ಸಿಗುವುದಿಲ್ಲ. ಸ್ಥಿರ ಸರಕಾರ ಮತ್ತು ಆರ್ಥಿಕ ಪ್ರಗತಿಯನ್ನು ಜನರು ಬಯಸುತ್ತಾರೆ. ಹೀಗಾಗಿ ಅರಾಜಕತೆಯ ಪ್ರಯತ್ನಗಳು ವಿಫಲವಾಗುತ್ತವೆ.

ಸಂವಿಧಾನದ ಚೌಕಟ್ಟಿನಲ್ಲಿ ನಡೆಯುವ ಚುನಾವಣೆಗಳೇ ಭಾರತದಲ್ಲಿ ಅಧಿಕಾರ ಬದಲಾವಣೆಯ ಏಕೈಕ ಮಾರ್ಗ. ಜನರು ಮತಪೆಟ್ಟಿಗೆಯ ಮೂಲಕ ತಮ್ಮ ನಿರ್ಧಾರ ತಿಳಿಸುತ್ತಾರೆ.

ಕೆಳಮಟ್ಟದ ದಂಗೆಗಳಿಗೆ ಭಾರತದಲ್ಲಿ ಬೆಂಬಲ ಸಿಗುವುದಿಲ್ಲ. ಸ್ಥಿರ ಸರಕಾರ ಮತ್ತು ಆರ್ಥಿಕ ಪ್ರಗತಿಯನ್ನು ಜನರು ಬಯಸುತ್ತಾರೆ. ಹೀಗಾಗಿ ಅರಾಜಕತೆಯ ಪ್ರಯತ್ನಗಳು ವಿಫಲವಾಗುತ್ತವೆ.

ರಾಜಕೀಯ ಪಕ್ಷಗಳು ಜವಾಬ್ದಾರಿಯುತವಾಗಿ ವರ್ತಿಸಬೇಕು. ಯುವಜನರ ನಿರೀಕ್ಷೆಗಳನ್ನು ಈಡೇರಿಸುವ ನೀತಿಗಳನ್ನು ರೂಪಿಸಬೇಕು. ಆಗ ಮಾತ್ರ ದೇಶದ ಸ್ಥಿರತೆ ಉಳಿಯುತ್ತದೆ.

ಕೆಳಮಟ್ಟದ ದಂಗೆಗಳಿಗೆ ಭಾರತದಲ್ಲಿ ಬೆಂಬಲ ಸಿಗುವುದಿಲ್ಲ. ಸ್ಥಿರ ಸರಕಾರ ಮತ್ತು ಆರ್ಥಿಕ ಪ್ರಗತಿಯನ್ನು ಜನರು ಬಯಸುತ್ತಾರೆ. ಹೀಗಾಗಿ ಅರಾಜಕತೆಯ ಪ್ರಯತ್ನಗಳು ವಿಫಲವಾಗುತ್ತವೆ.

ರಾಜಕೀಯ ಪಕ್ಷಗಳು ಜವಾಬ್ದಾರಿಯುತವಾಗಿ ವರ್ತಿಸಬೇಕು. ಯುವಜನರ ನಿರೀಕ್ಷೆಗಳನ್ನು ಈಡೇರಿಸುವ ನೀತಿಗಳನ್ನು ರೂಪಿಸಬೇಕು. ಆಗ ಮಾತ್ರ ದೇಶದ ಸ್ಥಿರತೆ ಉಳಿಯುತ್ತದೆ.

ರತೀಯ ಉಪಖಂಡದಲ್ಲಿ ಈಗ ಅರಾಜಕತೆಯ ಪರ್ವ. ಶ್ರೀಲಂಕಾ (2022) ಮತ್ತು ಬಾಂಗ್ಲಾದೇಶ (2024)ದ ಬಳಿಕ ಇದೀಗ ನೇಪಾಳದಲ್ಲೂ ಹಿಂಸಾತ್ಮಕ ಪ್ರತಿಭಟನೆ ನಡೆದು ಸರಕಾರ ಪತನಗೊಂಡಿದೆ. ಜೆನ್-ಝಡ್ ಹೆಸರಿನಲ್ಲಿ ಯುವಜನರು ಬೀದಿಗಿಳಿದರು.

ರಾಜಕೀಯ ಪಕ್ಷಗಳು ಜವಾಬ್ದಾರಿಯುತವಾಗಿ ವರ್ತಿಸಬೇಕು. ಯುವಜನರ ನಿರೀಕ್ಷೆಗಳನ್ನು ಈಡೇರಿಸುವ ನೀತಿಗಳನ್ನು ರೂಪಿಸಬೇಕು. ಆಗ ಮಾತ್ರ ದೇಶದ ಸ್ಥಿರತೆ ಉಳಿಯುತ್ತದೆ.

ಈ ಬೆಳವಣಿಗೆಗಳು ಭಾರತದಲ್ಲೂ ಇಂತಹ ಪರಿಸ್ಥಿತಿ ನಿರ್ಮಾಣವಾಗಬಹುದೇ ಎಂಬ ಪ್ರಶ್ನೆಯನ್ನು ಹುಟ್ಟುಹಾಕಿವೆ. ಕೆಲವು ರಾಜಕೀಯ ನಾಯಕರು ಇದನ್ನು ಪ್ರಚೋದಿಸುವ ಹೇಳಿಕೆ ನೀಡುತ್ತಿದ್ದಾರೆ.

ಆದರೆ ಭಾರತದ ಪ್ರಜಾಪ್ರಭುತ್ವ ಅತ್ಯಂತ ಗಟ್ಟಿಯಾಗಿದೆ. ಇಲ್ಲಿನ ಸಾಂವಿಧಾನಿಕ ಸಂಸ್ಥೆಗಳು, ಚುನಾವಣಾ ವ್ಯವಸ್ಥೆ ಮತ್ತು ಜನರ ನಂಬಿಕೆ ಬಲವಾಗಿದೆ. ಪ್ರತಿಭಟನೆಗಳಿಂದ ಸರಕಾರ ಬದಲಿಸುವುದು ಸಾಧ್ಯವಿಲ್ಲ.

◈
● ● ● ●	● ● ● ●	● ● ● ●	● ● ● ●
